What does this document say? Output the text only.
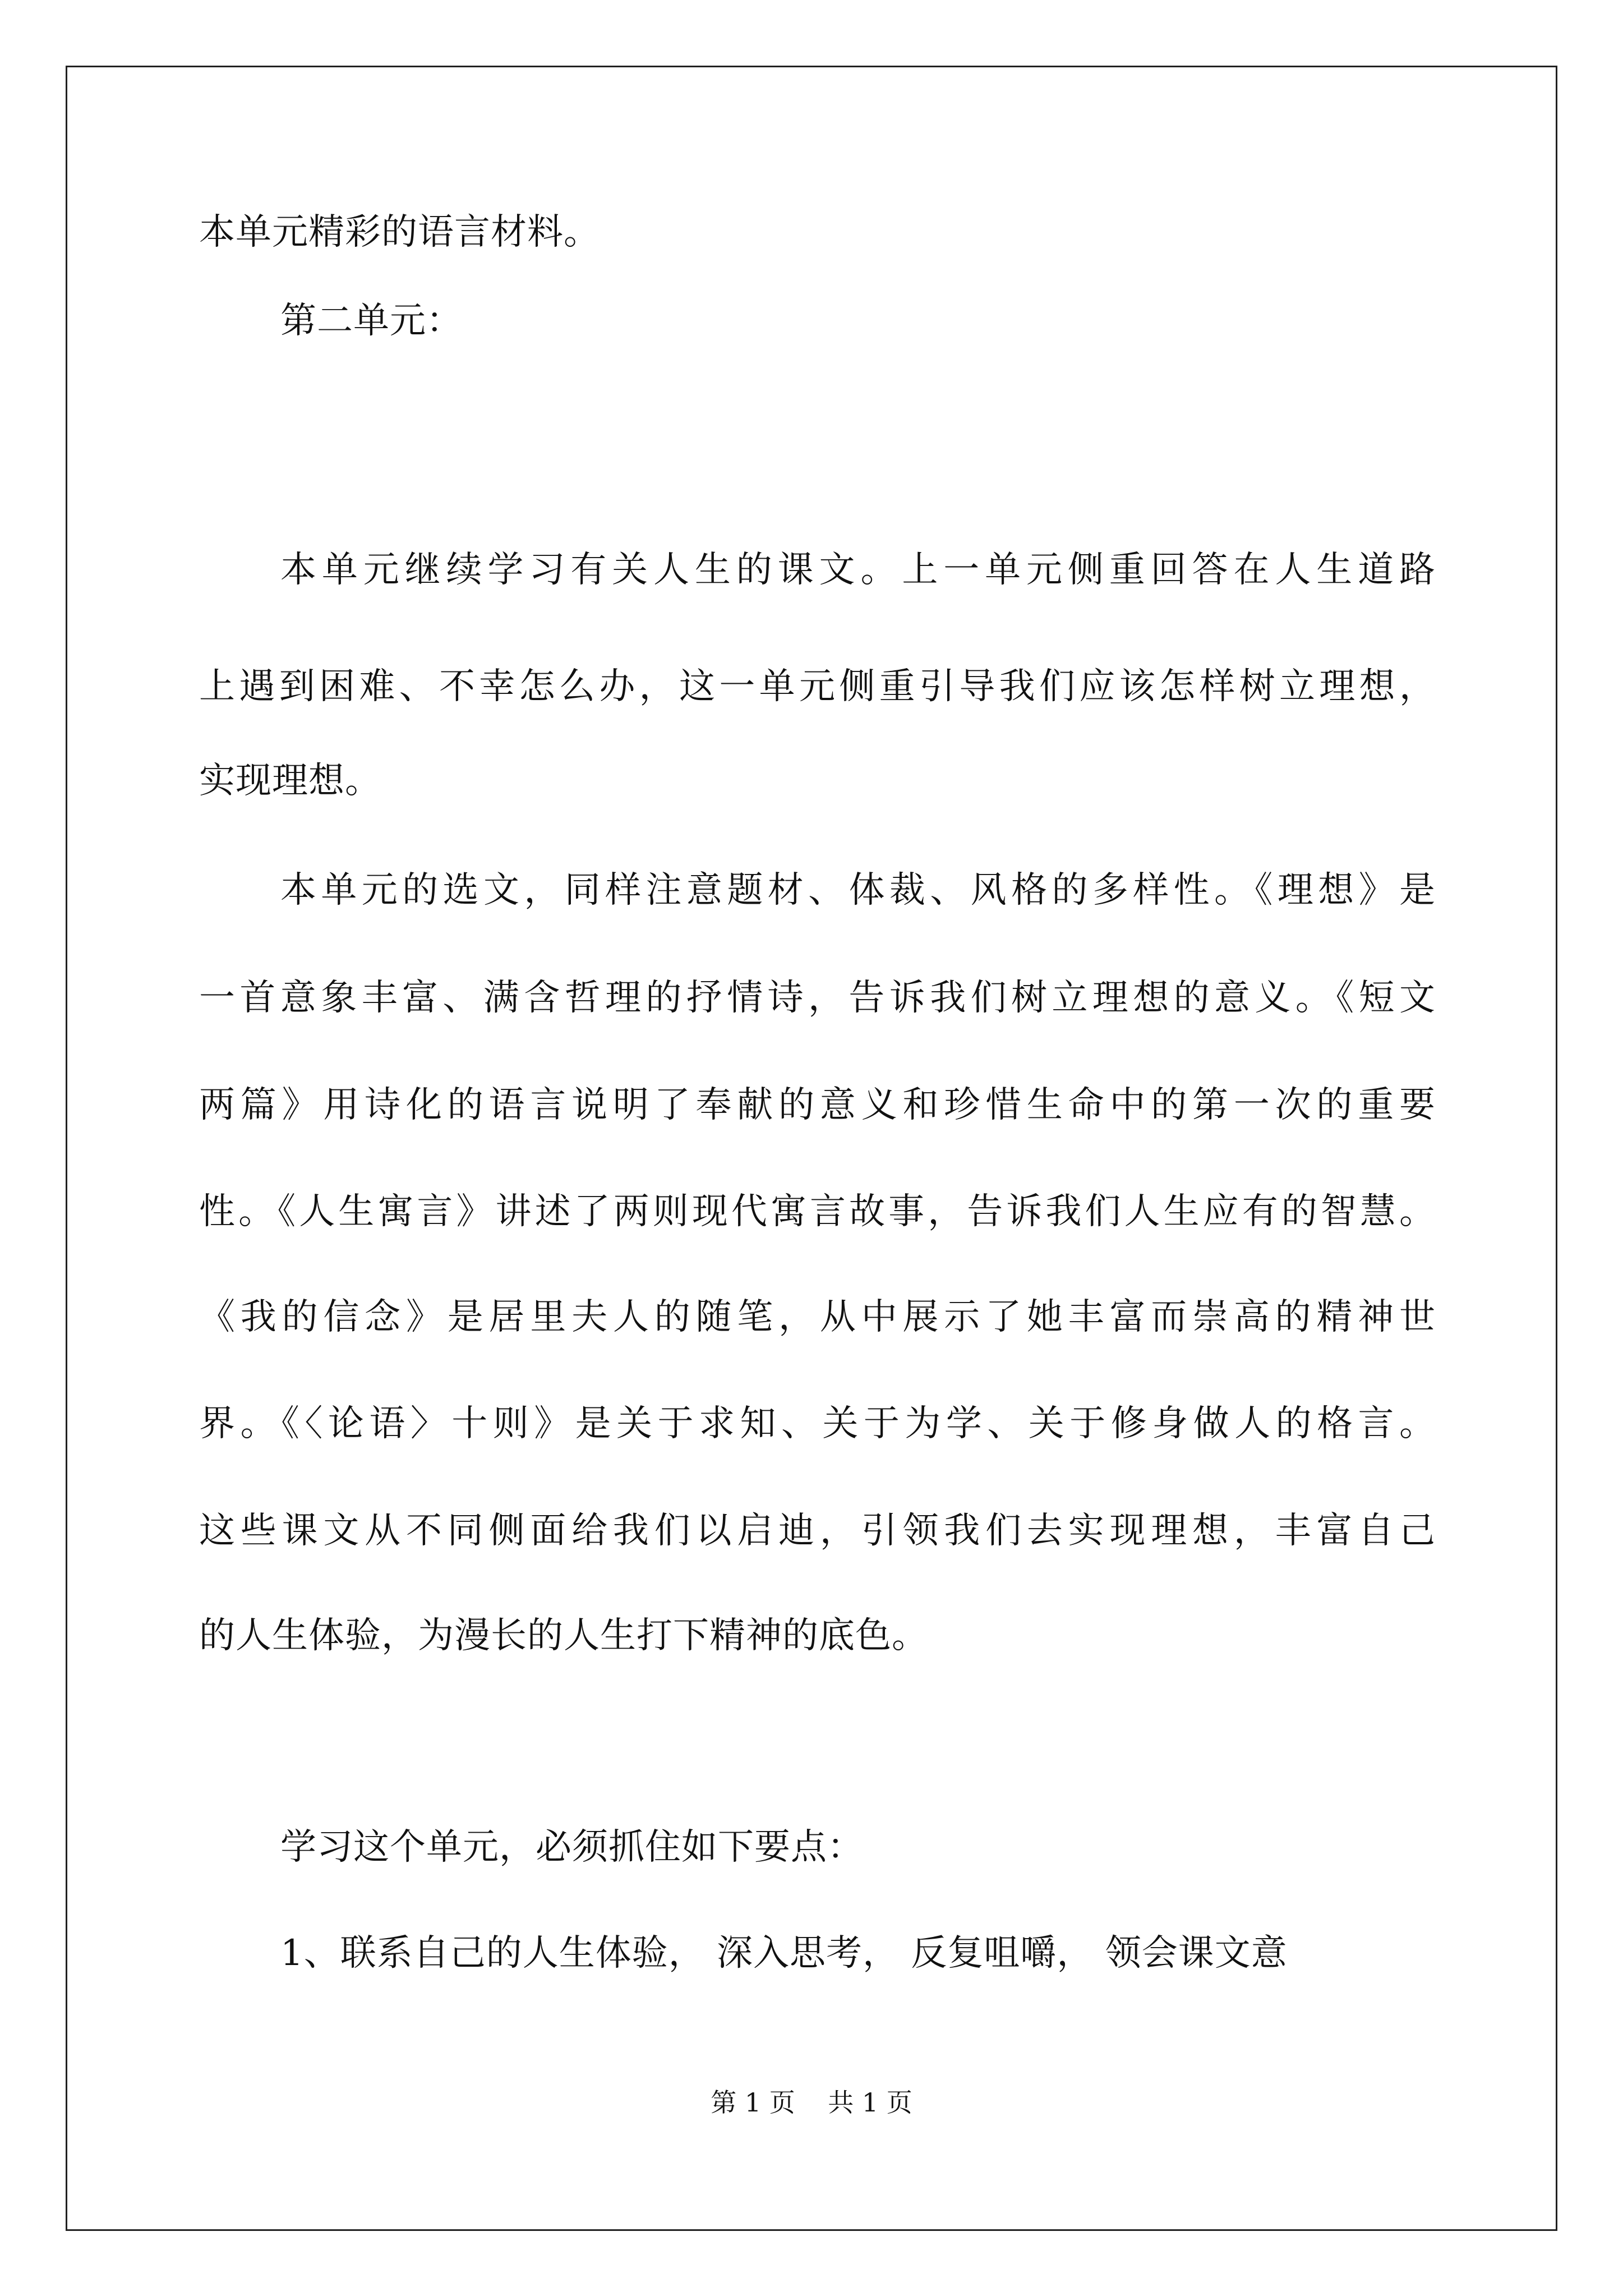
本单元精彩的语言材料。
第二单元：
本单元继续学习有关人生的课文。上一单元侧重回答在人生道路
上遇到困难、不幸怎么办，这一单元侧重引导我们应该怎样树立理想，
实现理想。
本单元的选文，同样注意题材、体裁、风格的多样性。《理想》是
一首意象丰富、满含哲理的抒情诗，告诉我们树立理想的意义。《短文
两篇》用诗化的语言说明了奉献的意义和珍惜生命中的第一次的重要
性。《人生寓言》讲述了两则现代寓言故事，告诉我们人生应有的智慧。
《我的信念》是居里夫人的随笔，从中展示了她丰富而崇高的精神世
界。《〈论语〉十则》是关于求知、关于为学、关于修身做人的格言。
这些课文从不同侧面给我们以启迪，引领我们去实现理想，丰富自己
的人生体验，为漫长的人生打下精神的底色。
学习这个单元，必须抓住如下要点：
1、联系自己的人生体验， 深入思考， 反复咀嚼， 领会课文意
第 1 页    共 1 页
